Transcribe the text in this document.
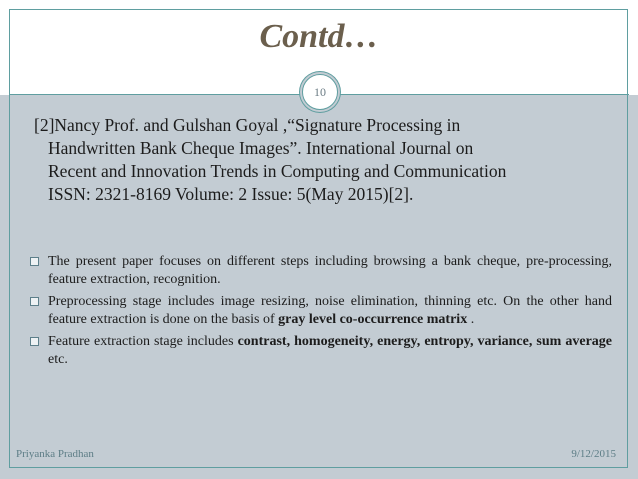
Contd…
10
[2]Nancy Prof. and Gulshan Goyal ,“Signature Processing in
Handwritten Bank Cheque Images”. International Journal on
Recent and Innovation Trends in Computing and Communication
ISSN: 2321-8169 Volume: 2 Issue: 5(May 2015)[2].
The present paper focuses on different steps including browsing a bank cheque, pre-processing, feature extraction, recognition.
Preprocessing stage includes image resizing, noise elimination, thinning etc. On the other hand feature extraction is done on the basis of gray level co-occurrence matrix .
Feature extraction stage includes contrast, homogeneity, energy, entropy, variance, sum average etc.
Priyanka Pradhan	9/12/2015
